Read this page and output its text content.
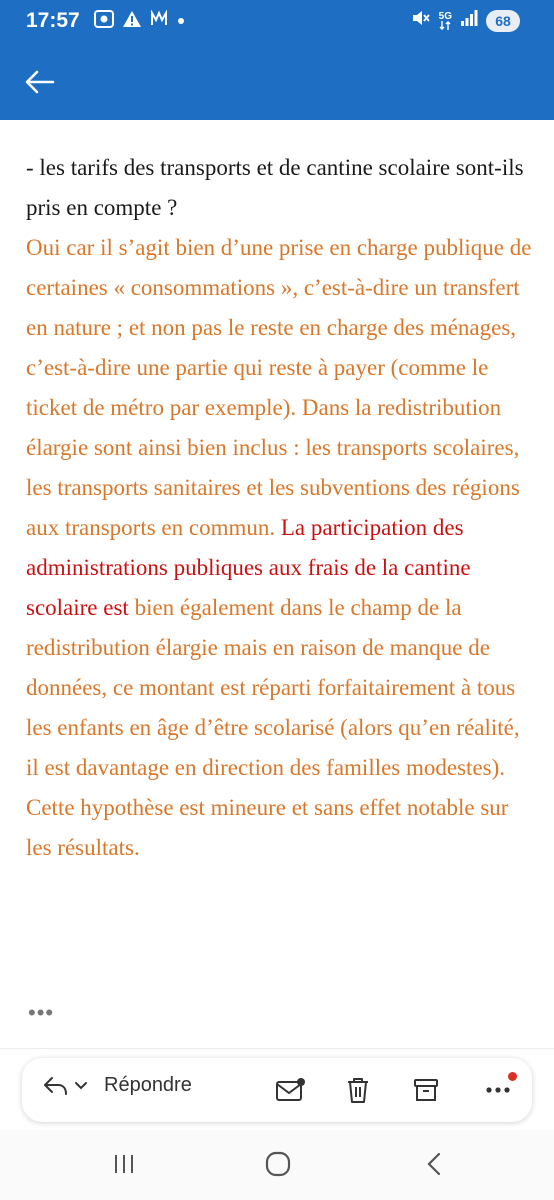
17:57	5G	68

- les tarifs des transports et de cantine scolaire sont-ils pris en compte ?

Oui car il s’agit bien d’une prise en charge publique de certaines « consommations », c’est-à-dire un transfert en nature ; et non pas le reste en charge des ménages, c’est-à-dire une partie qui reste à payer (comme le ticket de métro par exemple). Dans la redistribution élargie sont ainsi bien inclus : les transports scolaires, les transports sanitaires et les subventions des régions aux transports en commun. La participation des administrations publiques aux frais de la cantine scolaire est bien également dans le champ de la redistribution élargie mais en raison de manque de données, ce montant est réparti forfaitairement à tous les enfants en âge d’être scolarisé (alors qu’en réalité, il est davantage en direction des familles modestes). Cette hypothèse est mineure et sans effet notable sur les résultats.

•••
Répondre
